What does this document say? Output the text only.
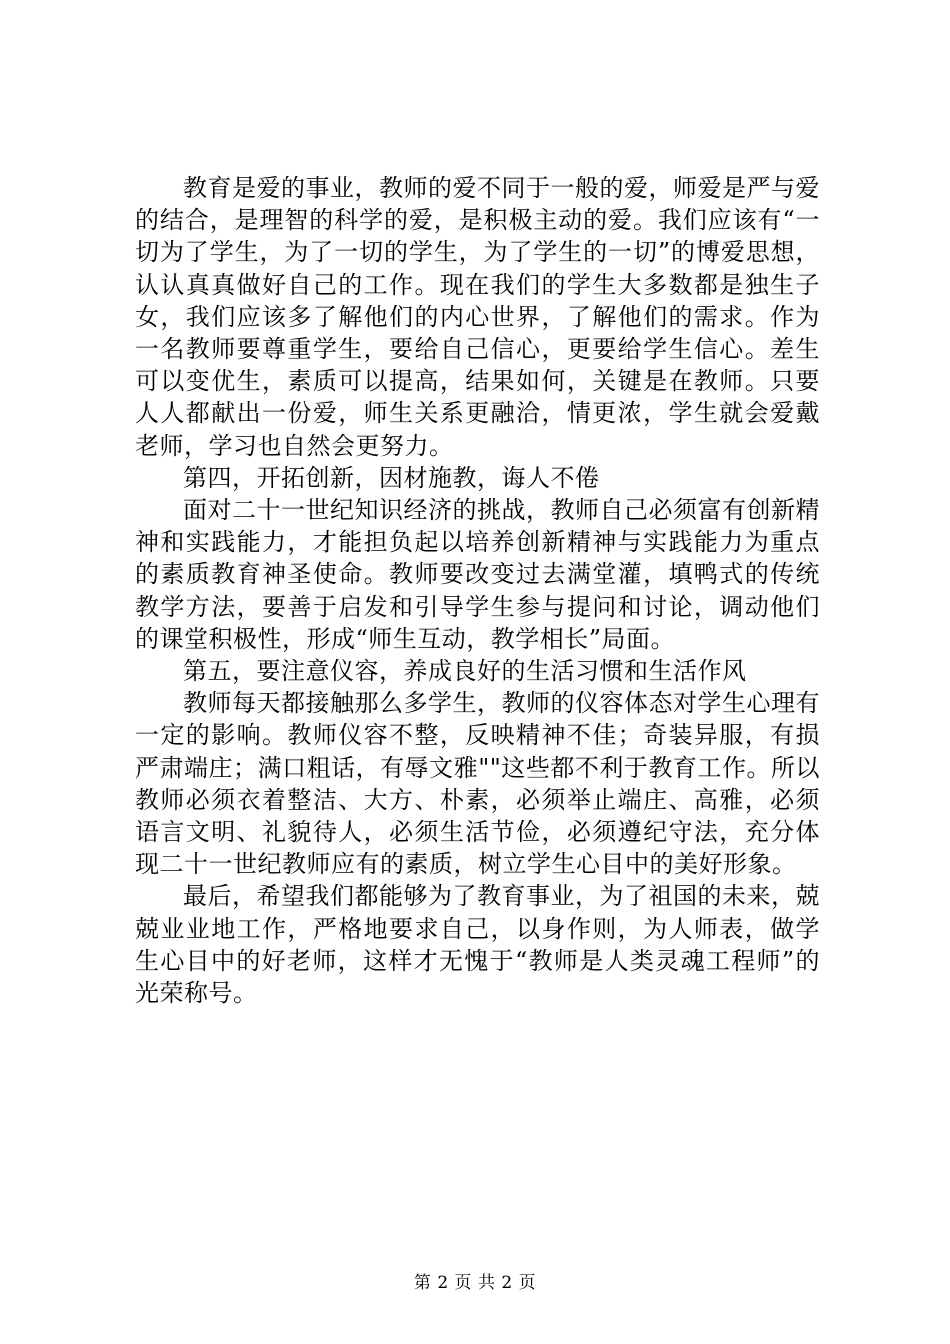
教育是爱的事业，教师的爱不同于一般的爱，师爱是严与爱的结合，是理智的科学的爱，是积极主动的爱。我们应该有“一切为了学生，为了一切的学生，为了学生的一切”的博爱思想，认认真真做好自己的工作。现在我们的学生大多数都是独生子女，我们应该多了解他们的内心世界，了解他们的需求。作为一名教师要尊重学生，要给自己信心，更要给学生信心。差生可以变优生，素质可以提高，结果如何，关键是在教师。只要人人都献出一份爱，师生关系更融洽，情更浓，学生就会爱戴老师，学习也自然会更努力。

第四，开拓创新，因材施教，诲人不倦

面对二十一世纪知识经济的挑战，教师自己必须富有创新精神和实践能力，才能担负起以培养创新精神与实践能力为重点的素质教育神圣使命。教师要改变过去满堂灌，填鸭式的传统教学方法，要善于启发和引导学生参与提问和讨论，调动他们的课堂积极性，形成“师生互动，教学相长”局面。

第五，要注意仪容，养成良好的生活习惯和生活作风

教师每天都接触那么多学生，教师的仪容体态对学生心理有一定的影响。教师仪容不整，反映精神不佳；奇装异服，有损严肃端庄；满口粗话，有辱文雅""这些都不利于教育工作。所以教师必须衣着整洁、大方、朴素，必须举止端庄、高雅，必须语言文明、礼貌待人，必须生活节俭，必须遵纪守法，充分体现二十一世纪教师应有的素质，树立学生心目中的美好形象。

最后，希望我们都能够为了教育事业，为了祖国的未来，兢兢业业地工作，严格地要求自己，以身作则，为人师表，做学生心目中的好老师，这样才无愧于“教师是人类灵魂工程师”的光荣称号。

第 2 页 共 2 页
